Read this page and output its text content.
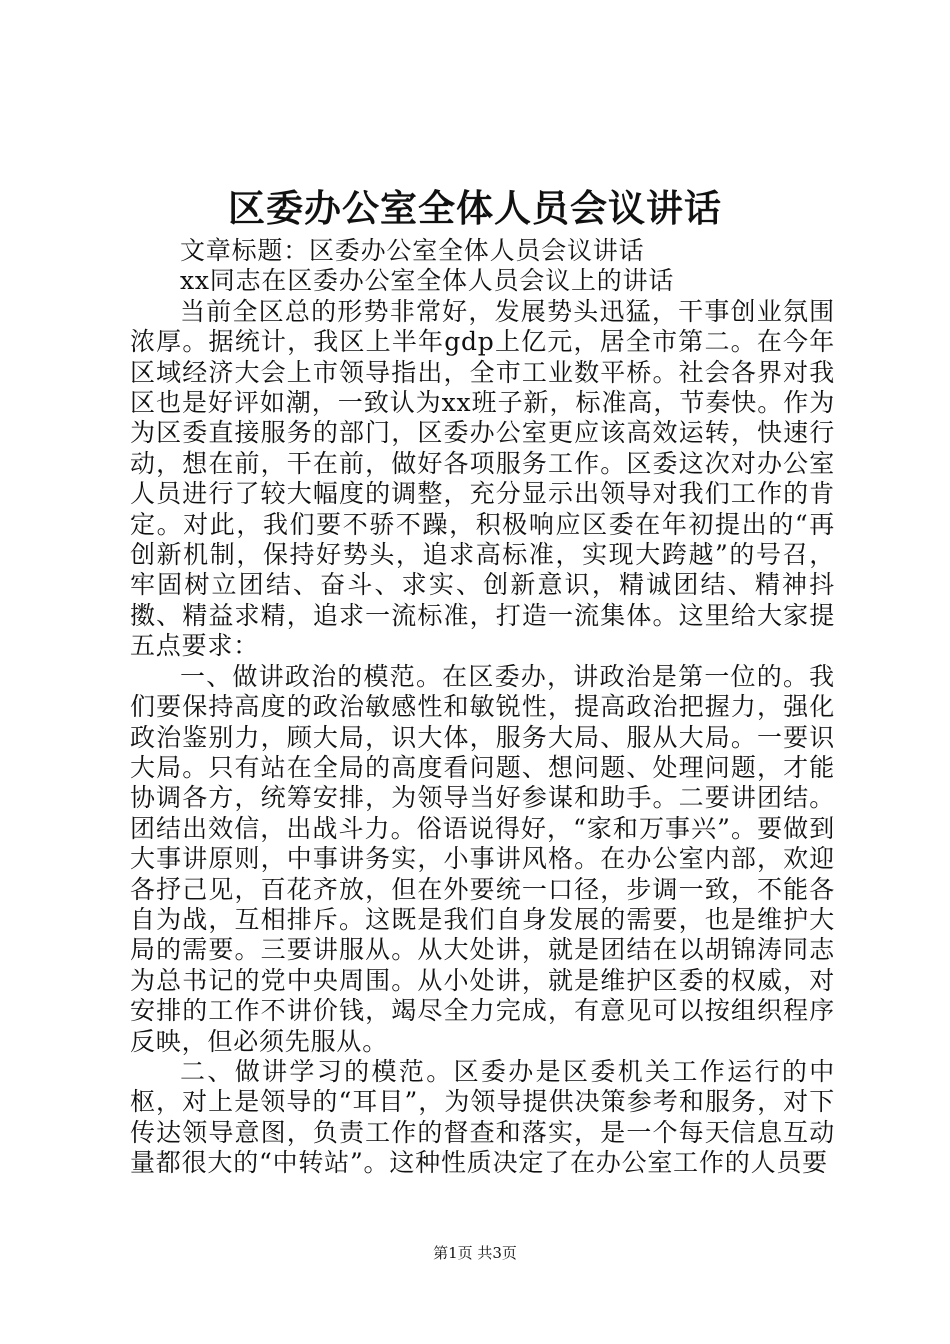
区委办公室全体人员会议讲话

文章标题：区委办公室全体人员会议讲话

xx同志在区委办公室全体人员会议上的讲话

当前全区总的形势非常好，发展势头迅猛，干事创业氛围浓厚。据统计，我区上半年gdp上亿元，居全市第二。在今年区域经济大会上市领导指出，全市工业数平桥。社会各界对我区也是好评如潮，一致认为xx班子新，标准高，节奏快。作为为区委直接服务的部门，区委办公室更应该高效运转，快速行动，想在前，干在前，做好各项服务工作。区委这次对办公室人员进行了较大幅度的调整，充分显示出领导对我们工作的肯定。对此，我们要不骄不躁，积极响应区委在年初提出的“再创新机制，保持好势头，追求高标准，实现大跨越”的号召，牢固树立团结、奋斗、求实、创新意识，精诚团结、精神抖擞、精益求精，追求一流标准，打造一流集体。这里给大家提五点要求：

一、做讲政治的模范。在区委办，讲政治是第一位的。我们要保持高度的政治敏感性和敏锐性，提高政治把握力，强化政治鉴别力，顾大局，识大体，服务大局、服从大局。一要识大局。只有站在全局的高度看问题、想问题、处理问题，才能协调各方，统筹安排，为领导当好参谋和助手。二要讲团结。团结出效信，出战斗力。俗语说得好，“家和万事兴”。要做到大事讲原则，中事讲务实，小事讲风格。在办公室内部，欢迎各抒己见，百花齐放，但在外要统一口径，步调一致，不能各自为战，互相排斥。这既是我们自身发展的需要，也是维护大局的需要。三要讲服从。从大处讲，就是团结在以胡锦涛同志为总书记的党中央周围。从小处讲，就是维护区委的权威，对安排的工作不讲价钱，竭尽全力完成，有意见可以按组织程序反映，但必须先服从。

二、做讲学习的模范。区委办是区委机关工作运行的中枢，对上是领导的“耳目”，为领导提供决策参考和服务，对下传达领导意图，负责工作的督查和落实，是一个每天信息互动量都很大的“中转站”。这种性质决定了在办公室工作的人员要

第1页 共3页
